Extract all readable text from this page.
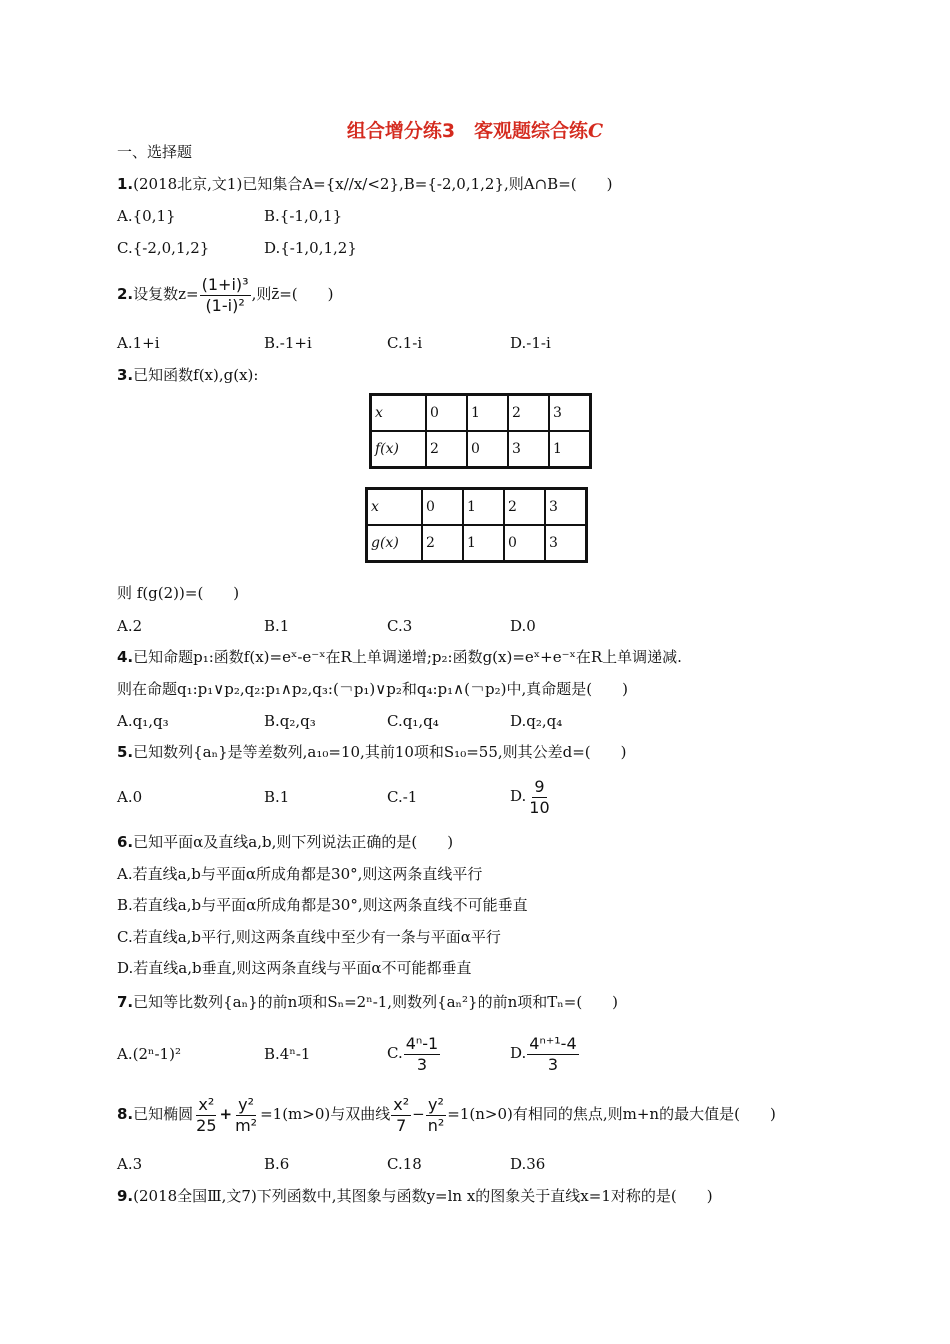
组合增分练3　客观题综合练C
一、选择题
1.(2018北京,文1)已知集合A={x//x/<2},B={-2,0,1,2},则A∩B=(　　)
A.{0,1}	B.{-1,0,1}
C.{-2,0,1,2}	D.{-1,0,1,2}
2.设复数$z= \frac{\text{(1+i)³}}{\text{(1-i)²}}$ ,则z̄=(　　)
A.1+i	B.-1+i	C.1-i	D.-1-i
3.已知函数f(x),g(x):
x	0	1	2	3
f(x)	2	0	3	1
x	0	1	2	3
g(x)	2	1	0	3
则 f(g(2))=(　　)
A.2	B.1	C.3	D.0
4.已知命题p₁:函数f(x)=eˣ-e⁻ˣ在R上单调递增;p₂:函数g(x)=eˣ+e⁻ˣ在R上单调递减.
则在命题q₁:p₁∨p₂,q₂:p₁∧p₂,q₃:(￢p₁)∨p₂和q₄:p₁∧(￢p₂)中,真命题是(　　)
A.q₁,q₃	B.q₂,q₃	C.q₁,q₄	D.q₂,q₄
5.已知数列{aₙ}是等差数列,a₁₀=10,其前10项和S₁₀=55,则其公差d=(　　)
A.0	B.1	C.-1	D. $\frac{9}{10}$
6.已知平面α及直线a,b,则下列说法正确的是(　　)
A.若直线a,b与平面α所成角都是30°,则这两条直线平行
B.若直线a,b与平面α所成角都是30°,则这两条直线不可能垂直
C.若直线a,b平行,则这两条直线中至少有一条与平面α平行
D.若直线a,b垂直,则这两条直线与平面α不可能都垂直
7.已知等比数列{aₙ}的前n项和Sₙ=2ⁿ-1,则数列{aₙ²}的前n项和Tₙ=(　　)
A.(2ⁿ-1)²	B.4ⁿ-1	C. $\frac{\text{4ⁿ-1}}{3}$	D. $\frac{\text{4ⁿ⁺¹-4}}{3}$
8.已知椭圆 $\frac{\text{x²}}{25} + \frac{\text{y²}}{\text{m²}} =1(m>0)$与双曲线 $\frac{\text{x²}}{7} - \frac{\text{y²}}{\text{n²}} =1(n>0)$有相同的焦点,则m+n的最大值是(　　)
A.3	B.6	C.18	D.36
9.(2018全国Ⅲ,文7)下列函数中,其图象与函数y=ln x的图象关于直线x=1对称的是(　　)
